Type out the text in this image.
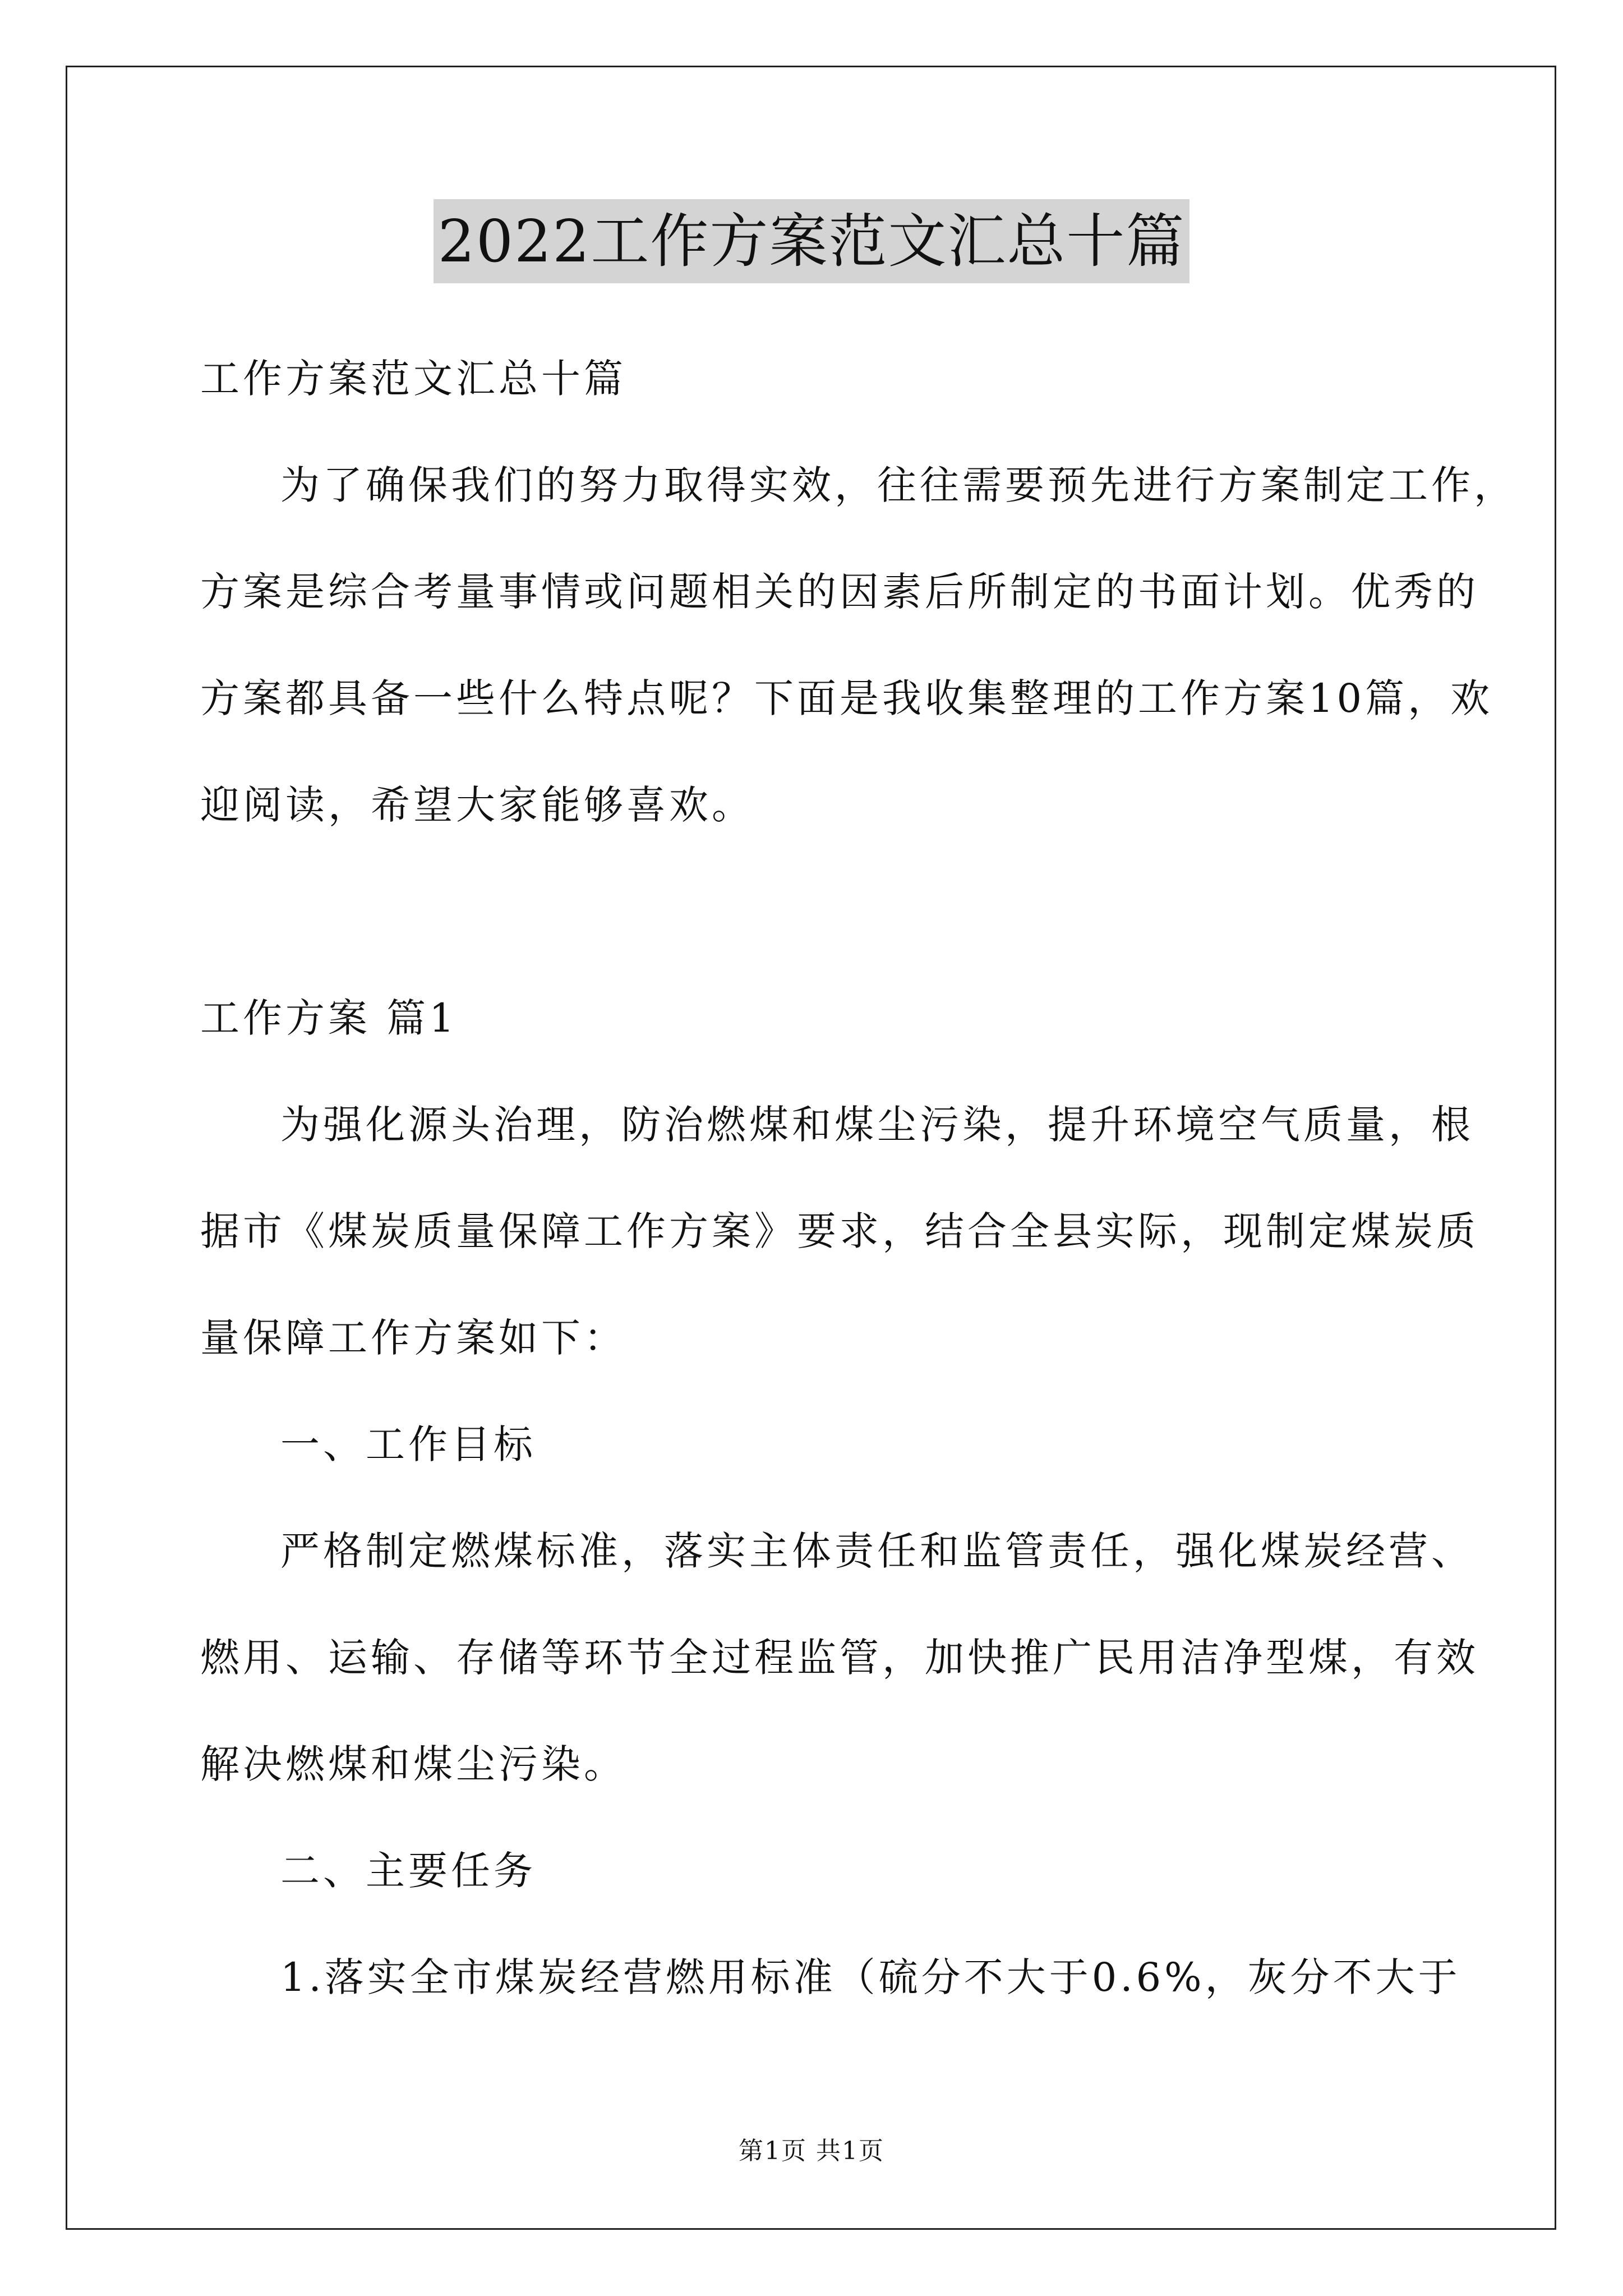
2022工作方案范文汇总十篇
工作方案范文汇总十篇
为了确保我们的努力取得实效，往往需要预先进行方案制定工作，
方案是综合考量事情或问题相关的因素后所制定的书面计划。优秀的
方案都具备一些什么特点呢？下面是我收集整理的工作方案10篇，欢
迎阅读，希望大家能够喜欢。
工作方案 篇1
为强化源头治理，防治燃煤和煤尘污染，提升环境空气质量，根
据市《煤炭质量保障工作方案》要求，结合全县实际，现制定煤炭质
量保障工作方案如下：
一、工作目标
严格制定燃煤标准，落实主体责任和监管责任，强化煤炭经营、
燃用、运输、存储等环节全过程监管，加快推广民用洁净型煤，有效
解决燃煤和煤尘污染。
二、主要任务
1.落实全市煤炭经营燃用标准（硫分不大于0.6%，灰分不大于
第1页 共1页
